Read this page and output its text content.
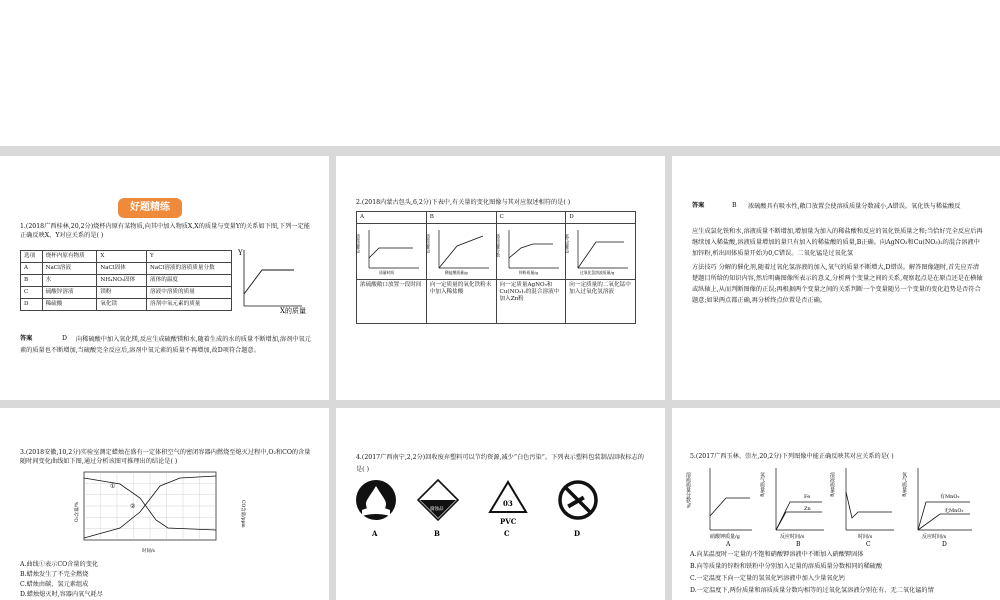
好题精练
1.(2018广西桂林,20,2分)烧杯内原有某物质,向其中加入物质X,X的质量与变量Y的关系如下图,下列一定能正确反映X、Y对应关系的是( )
选项	烧杯内原有物质	X	Y
A	NaCl溶液	NaCl固体	NaCl溶液的溶质质量分数
B	水	NH₄NO₃固体	液体的温度
C	硫酸锌溶液	镁粉	溶液中溶质的质量
D	稀硫酸	氧化镁	溶剂中氧元素的质量
Y
X的质量
答案	D	向稀硫酸中加入氧化镁,反应生成硫酸镁和水,随着生成的水的质量不断增加,溶剂中氧元素的质量也不断增加,当硫酸完全反应后,溶剂中氧元素的质量不再增加,故D项符合题意。
2.(2018内蒙古包头,6,2分)下表中,有关量的变化图像与其对应叙述相符的是( )
A	B	C	D

溶液质量/g
质量时间	溶液质量/g
稀盐酸质量/g	溶质质量分数
锌粉质量/g	氧气质量/g
过氧化氢溶液质量/g

浓硫酸敞口放置一段时间	向一定质量的氧化铁粉末中加入稀盐酸	向一定质量AgNO₃和Cu(NO₃)₂的混合溶液中加入Zn粉	向一定质量的二氧化锰中加入过氧化氢溶液
答案	B	浓硫酸具有吸水性,敞口放置会使溶质质量分数减小,A错误。氧化铁与稀盐酸反
应生成氯化铁和水,溶液质量不断增加,增加量为加入的稀盐酸和反应的氧化铁质量之和;当恰好完全反应后再继续加入稀盐酸,溶液质量增加的量只有加入的稀盐酸的质量,B正确。向AgNO₃和Cu(NO₃)₂的混合溶液中加锌粉,析出固体质量开始为0,C错误。二氧化锰是过氧化氢
方法技巧 分解的催化剂,随着过氧化氢溶液的加入,氧气的质量不断增大,D错误。解答图像题时,首先应弄清楚题目所给的知识内容,然后明确图像所表示的意义,分析两个变量之间的关系,观察起点是在原点还是在横轴或纵轴上,从而判断图像的正误;再根据两个变量之间的关系判断一个变量随另一个变量的变化趋势是否符合题意;如果两点都正确,再分析终点位置是否正确。
3.(2018安徽,10,2分)实验室测定蜡烛在盛有一定体积空气的密闭容器内燃烧至熄灭过程中,O₂和CO的含量随时间变化曲线如下图,通过分析该图可推理出的结论是( )
①
②
O₂含量/%	CO含量/ppm
时间/s
A.曲线①表示CO含量的变化
B.蜡烛发生了不完全燃烧
C.蜡烛由碳、氢元素组成
D.蜡烛熄灭时,容器内氧气耗尽
4.(2017广西南宁,2,2分)回收废弃塑料可以节约资源,减少“白色污染”。下列表示塑料包装制品回收标志的是( )
腐蚀品
03
PVC
A	B	C	D
5.(2017广西玉林、崇左,20,2分)下列图像中能正确反映其对应关系的是( )
溶质质量分数/%
硝酸钾质量/g
A
Fe
Zn
氢气质量/g
反应时间/s
B
溶液质量/g
时间/s
C
有MnO₂
无MnO₂
氧气质量/g
反应时间/s
D
A.向某温度时一定量的不饱和硝酸钾溶液中不断加入硝酸钾固体
B.向等质量的锌粉和铁粉中分别加入足量的溶质质量分数相同的稀硫酸
C.一定温度下向一定量的氢氧化钙溶液中加入少量氧化钙
D.一定温度下,两份质量和溶质质量分数均相等的过氧化氢溶液分别在有、无二氧化锰的情
